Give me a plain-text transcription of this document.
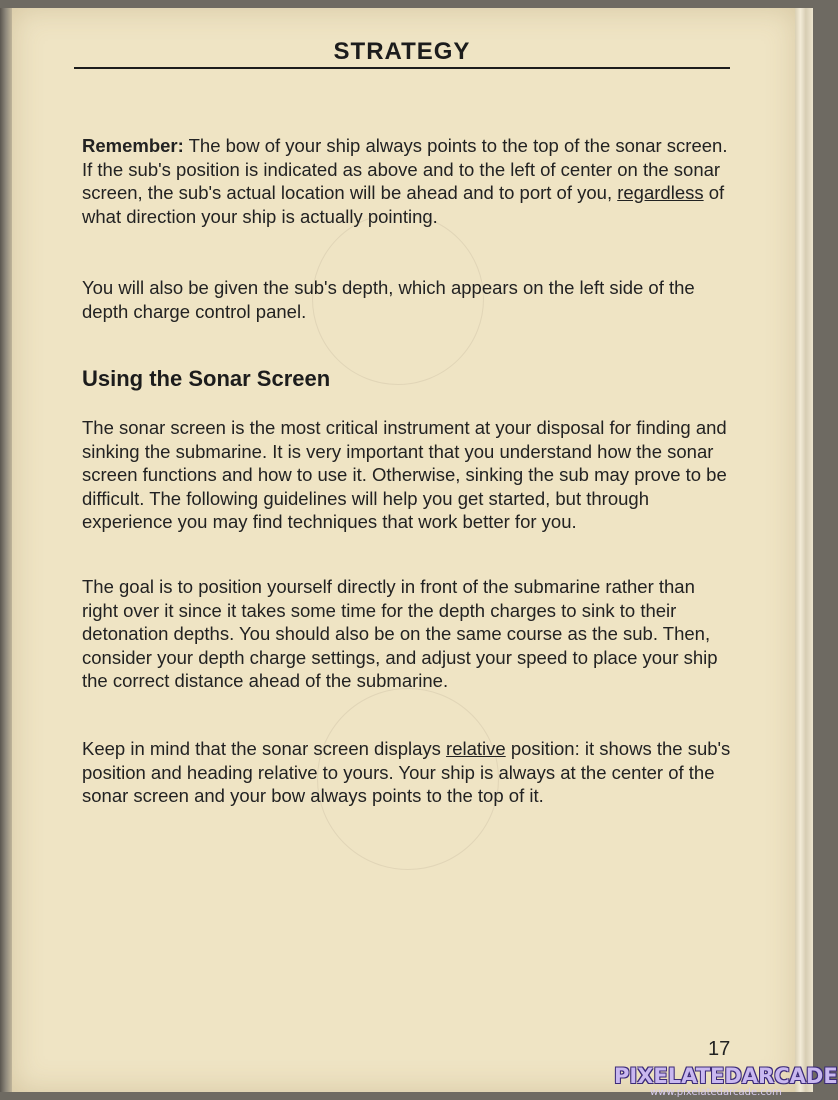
STRATEGY
Remember: The bow of your ship always points to the top of the sonar screen. If the sub's position is indicated as above and to the left of center on the sonar screen, the sub's actual location will be ahead and to port of you, regardless of what direction your ship is actually pointing.
You will also be given the sub's depth, which appears on the left side of the depth charge control panel.
Using the Sonar Screen
The sonar screen is the most critical instrument at your disposal for finding and sinking the submarine. It is very important that you understand how the sonar screen functions and how to use it. Otherwise, sinking the sub may prove to be difficult. The following guidelines will help you get started, but through experience you may find techniques that work better for you.
The goal is to position yourself directly in front of the submarine rather than right over it since it takes some time for the depth charges to sink to their detonation depths. You should also be on the same course as the sub. Then, consider your depth charge settings, and adjust your speed to place your ship the correct distance ahead of the submarine.
Keep in mind that the sonar screen displays relative position: it shows the sub's position and heading relative to yours. Your ship is always at the center of the sonar screen and your bow always points to the top of it.
17
PIXELATEDARCADE
www.pixelatedarcade.com
